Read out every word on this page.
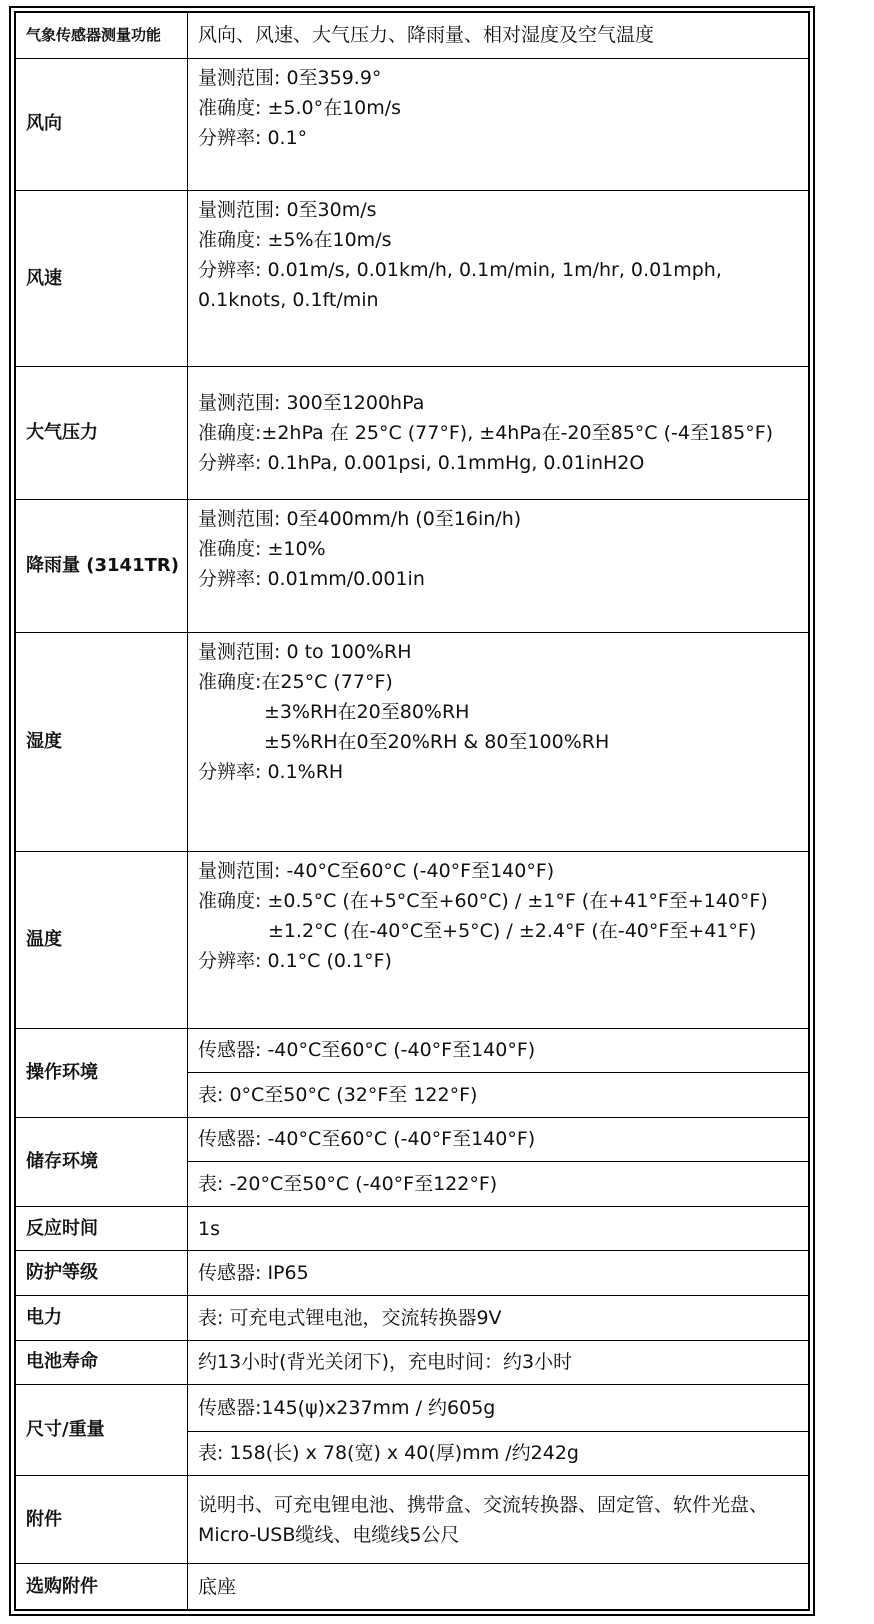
气象传感器测量功能	风向、风速、大气压力、降雨量、相对湿度及空气温度
风向	量测范围: 0至359.9°
准确度: ±5.0°在10m/s
分辨率: 0.1°

风速	量测范围: 0至30m/s
准确度: ±5%在10m/s
分辨率: 0.01m/s, 0.01km/h, 0.1m/min, 1m/hr, 0.01mph, 0.1knots, 0.1ft/min

大气压力	量测范围: 300至1200hPa
准确度:±2hPa 在 25°C (77°F), ±4hPa在-20至85°C (-4至185°F)
分辨率: 0.1hPa, 0.001psi, 0.1mmHg, 0.01inH2O

降雨量 (3141TR)	量测范围: 0至400mm/h (0至16in/h)
准确度: ±10%
分辨率: 0.01mm/0.001in

湿度	量测范围: 0 to 100%RH
准确度:在25°C (77°F)
±3%RH在20至80%RH
±5%RH在0至20%RH & 80至100%RH
分辨率: 0.1%RH

温度	量测范围: -40°C至60°C (-40°F至140°F)
准确度: ±0.5°C (在+5°C至+60°C) / ±1°F (在+41°F至+140°F)
±1.2°C (在-40°C至+5°C) / ±2.4°F (在-40°F至+41°F)
分辨率: 0.1°C (0.1°F)

操作环境	传感器: -40°C至60°C (-40°F至140°F)
	表: 0°C至50°C (32°F至 122°F)
储存环境	传感器: -40°C至60°C (-40°F至140°F)
	表: -20°C至50°C (-40°F至122°F)
反应时间	1s
防护等级	传感器: IP65
电力	表: 可充电式锂电池，交流转换器9V
电池寿命	约13小时(背光关闭下)，充电时间：约3小时
尺寸/重量	传感器:145(ψ)x237mm / 约605g
	表: 158(长) x 78(宽) x 40(厚)mm /约242g
附件	说明书、可充电锂电池、携带盒、交流转换器、固定管、软件光盘、
Micro-USB缆线、电缆线5公尺

选购附件	底座
